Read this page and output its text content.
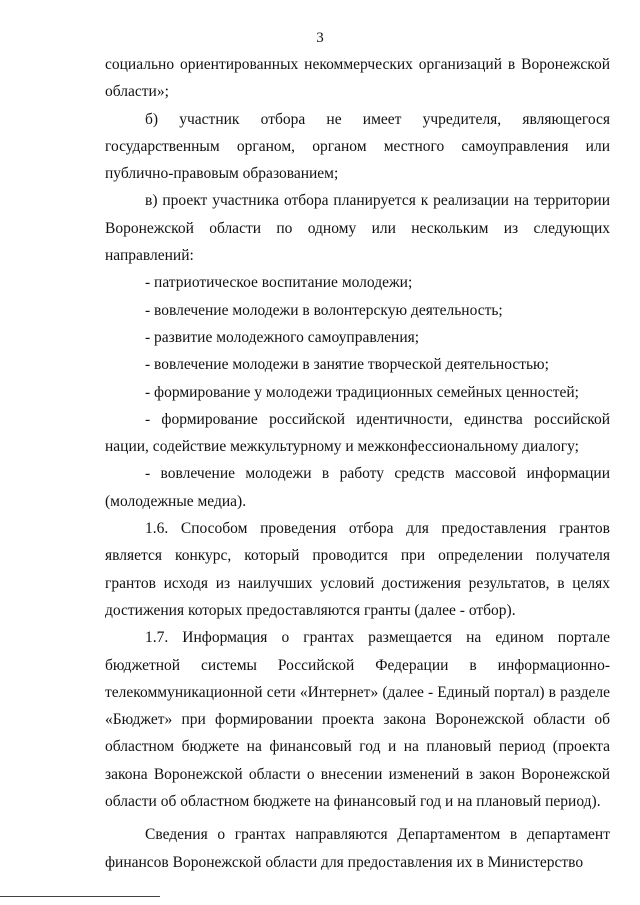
3

социально ориентированных некоммерческих организаций в Воронежской области»;

б) участник отбора не имеет учредителя, являющегося государственным органом, органом местного самоуправления или публично-правовым образованием;

в) проект участника отбора планируется к реализации на территории Воронежской области по одному или нескольким из следующих направлений:

- патриотическое воспитание молодежи;

- вовлечение молодежи в волонтерскую деятельность;

- развитие молодежного самоуправления;

- вовлечение молодежи в занятие творческой деятельностью;

- формирование у молодежи традиционных семейных ценностей;

- формирование российской идентичности, единства российской нации, содействие межкультурному и межконфессиональному диалогу;

- вовлечение молодежи в работу средств массовой информации (молодежные медиа).

1.6. Способом проведения отбора для предоставления грантов является конкурс, который проводится при определении получателя грантов исходя из наилучших условий достижения результатов, в целях достижения которых предоставляются гранты (далее - отбор).

1.7. Информация о грантах размещается на едином портале бюджетной системы Российской Федерации в информационно-телекоммуникационной сети «Интернет» (далее - Единый портал) в разделе «Бюджет» при формировании проекта закона Воронежской области об областном бюджете на финансовый год и на плановый период (проекта закона Воронежской области о внесении изменений в закон Воронежской области об областном бюджете на финансовый год и на плановый период).

Сведения о грантах направляются Департаментом в департамент финансов Воронежской области для предоставления их в Министерство
